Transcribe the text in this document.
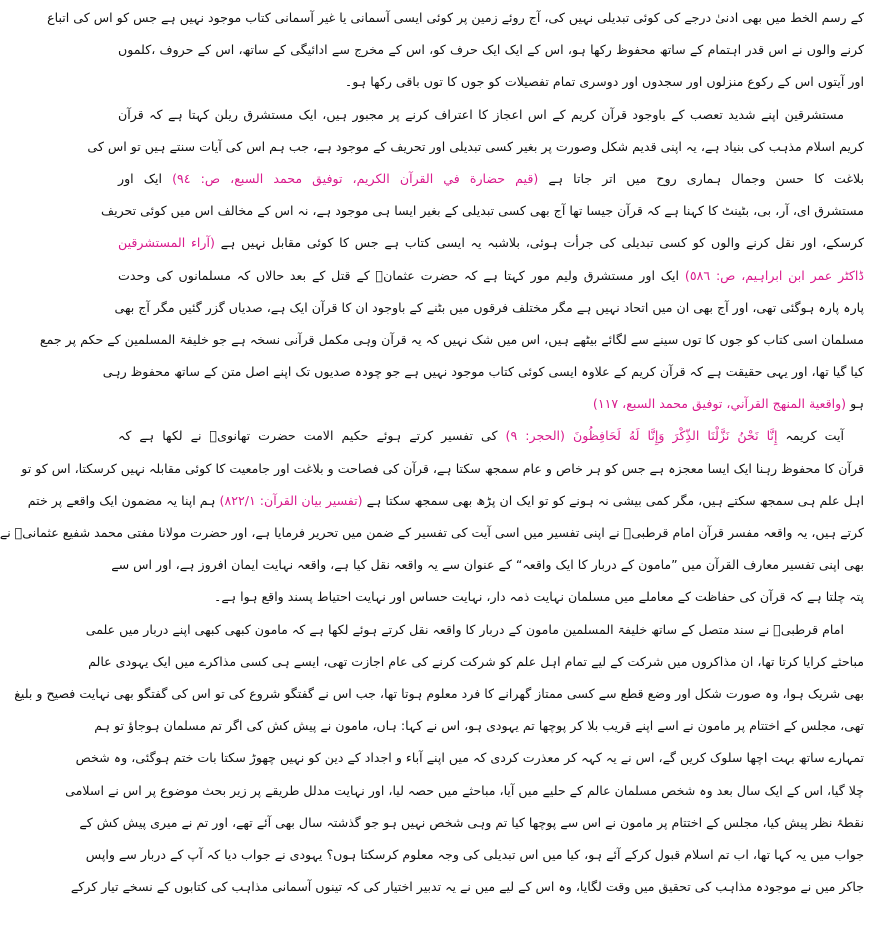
کے رسم الخط میں بھی ادنیٰ درجے کی کوئی تبدیلی نہیں کی، آج روئے زمین پر کوئی ایسی آسمانی یا غیر آسمانی کتاب موجود نہیں ہے جس کو اس کی اتباع
کرنے والوں نے اس قدر اہتمام کے ساتھ محفوظ رکھا ہو، اس کے ایک ایک حرف کو، اس کے مخرج سے ادائیگی کے ساتھ، اس کے حروف ،کلموں
اور آیتوں اس کے رکوع منزلوں اور سجدوں اور دوسری تمام تفصیلات کو جوں کا توں باقی رکھا ہو۔
مستشرقین اپنے شدید تعصب کے باوجود قرآن کریم کے اس اعجاز کا اعتراف کرنے پر مجبور ہیں، ایک مستشرق ریلن کہتا ہے کہ قرآن
کریم اسلام مذہب کی بنیاد ہے، یہ اپنی قدیم شکل وصورت پر بغیر کسی تبدیلی اور تحریف کے موجود ہے، جب ہم اس کی آیات سنتے ہیں تو اس کی
بلاغت کا حسن وجمال ہماری روح میں اتر جاتا ہے (قيم حضارة في القرآن الكريم، توفيق محمد السبع، ص: ٩٤) ایک اور
مستشرق ای، آر، بی، بٹینٹ کا کہنا ہے کہ قرآن جیسا تھا آج بھی کسی تبدیلی کے بغیر ایسا ہی موجود ہے، نہ اس کے مخالف اس میں کوئی تحریف
کرسکے، اور نقل کرنے والوں کو کسی تبدیلی کی جرأت ہوئی، بلاشبہ یہ ایسی کتاب ہے جس کا کوئی مقابل نہیں ہے (آراء المستشرقين
ڈاکٹر عمر ابن ابراہیم، ص: ٥٨٦) ایک اور مستشرق ولیم مور کہتا ہے کہ حضرت عثمانؓ کے قتل کے بعد حالاں کہ مسلمانوں کی وحدت
پارہ پارہ ہوگئی تھی، اور آج بھی ان میں اتحاد نہیں ہے مگر مختلف فرقوں میں بٹنے کے باوجود ان کا قرآن ایک ہے، صدیاں گزر گئیں مگر آج بھی
مسلمان اسی کتاب کو جوں کا توں سینے سے لگائے بیٹھے ہیں، اس میں شک نہیں کہ یہ قرآن وہی مکمل قرآنی نسخہ ہے جو خلیفۃ المسلمین کے حکم پر جمع
کیا گیا تھا، اور یہی حقیقت ہے کہ قرآن کریم کے علاوہ ایسی کوئی کتاب موجود نہیں ہے جو چودہ صدیوں تک اپنے اصل متن کے ساتھ محفوظ رہی
ہو (واقعية المنهج القرآني، توفيق محمد السبع، ١١٧)
آیت کریمہ إِنَّا نَحْنُ نَزَّلْنَا الذِّكْرَ وَإِنَّا لَهُ لَحَافِظُونَ (الحجر: ٩) کی تفسیر کرتے ہوئے حکیم الامت حضرت تھانویؒ نے لکھا ہے کہ
قرآن کا محفوظ رہنا ایک ایسا معجزہ ہے جس کو ہر خاص و عام سمجھ سکتا ہے، قرآن کی فصاحت و بلاغت اور جامعیت کا کوئی مقابلہ نہیں کرسکتا، اس کو تو
اہل علم ہی سمجھ سکتے ہیں، مگر کمی بیشی نہ ہونے کو تو ایک ان پڑھ بھی سمجھ سکتا ہے (تفسیر بیان القرآن: ۸۲۲/۱) ہم اپنا یہ مضمون ایک واقعے پر ختم
کرتے ہیں، یہ واقعہ مفسر قرآن امام قرطبیؒ نے اپنی تفسیر میں اسی آیت کی تفسیر کے ضمن میں تحریر فرمایا ہے، اور حضرت مولانا مفتی محمد شفیع عثمانیؒ نے
بھی اپنی تفسیر معارف القرآن میں ”مامون کے دربار کا ایک واقعہ“ کے عنوان سے یہ واقعہ نقل کیا ہے، واقعہ نہایت ایمان افروز ہے، اور اس سے
پتہ چلتا ہے کہ قرآن کی حفاظت کے معاملے میں مسلمان نہایت ذمہ دار، نہایت حساس اور نہایت احتیاط پسند واقع ہوا ہے۔
امام قرطبیؒ نے سند متصل کے ساتھ خلیفۃ المسلمین مامون کے دربار کا واقعہ نقل کرتے ہوئے لکھا ہے کہ مامون کبھی کبھی اپنے دربار میں علمی
مباحثے کرایا کرتا تھا، ان مذاکروں میں شرکت کے لیے تمام اہل علم کو شرکت کرنے کی عام اجازت تھی، ایسے ہی کسی مذاکرے میں ایک یہودی عالم
بھی شریک ہوا، وہ صورت شکل اور وضع قطع سے کسی ممتاز گھرانے کا فرد معلوم ہوتا تھا، جب اس نے گفتگو شروع کی تو اس کی گفتگو بھی نہایت فصیح و بلیغ
تھی، مجلس کے اختتام پر مامون نے اسے اپنے قریب بلا کر پوچھا تم یہودی ہو، اس نے کہا: ہاں، مامون نے پیش کش کی اگر تم مسلمان ہوجاؤ تو ہم
تمہارے ساتھ بہت اچھا سلوک کریں گے، اس نے یہ کہہ کر معذرت کردی کہ میں اپنے آباء و اجداد کے دین کو نہیں چھوڑ سکتا بات ختم ہوگئی، وہ شخص
چلا گیا، اس کے ایک سال بعد وہ شخص مسلمان عالم کے حلیے میں آیا، مباحثے میں حصہ لیا، اور نہایت مدلل طریقے پر زیر بحث موضوع پر اس نے اسلامی
نقطۂ نظر پیش کیا، مجلس کے اختتام پر مامون نے اس سے پوچھا کیا تم وہی شخص نہیں ہو جو گذشتہ سال بھی آئے تھے، اور تم نے میری پیش کش کے
جواب میں یہ کہا تھا، اب تم اسلام قبول کرکے آئے ہو، کیا میں اس تبدیلی کی وجہ معلوم کرسکتا ہوں؟ یہودی نے جواب دیا کہ آپ کے دربار سے واپس
جاکر میں نے موجودہ مذاہب کی تحقیق میں وقت لگایا، وہ اس کے لیے میں نے یہ تدبیر اختیار کی کہ تینوں آسمانی مذاہب کی کتابوں کے نسخے تیار کرکے
